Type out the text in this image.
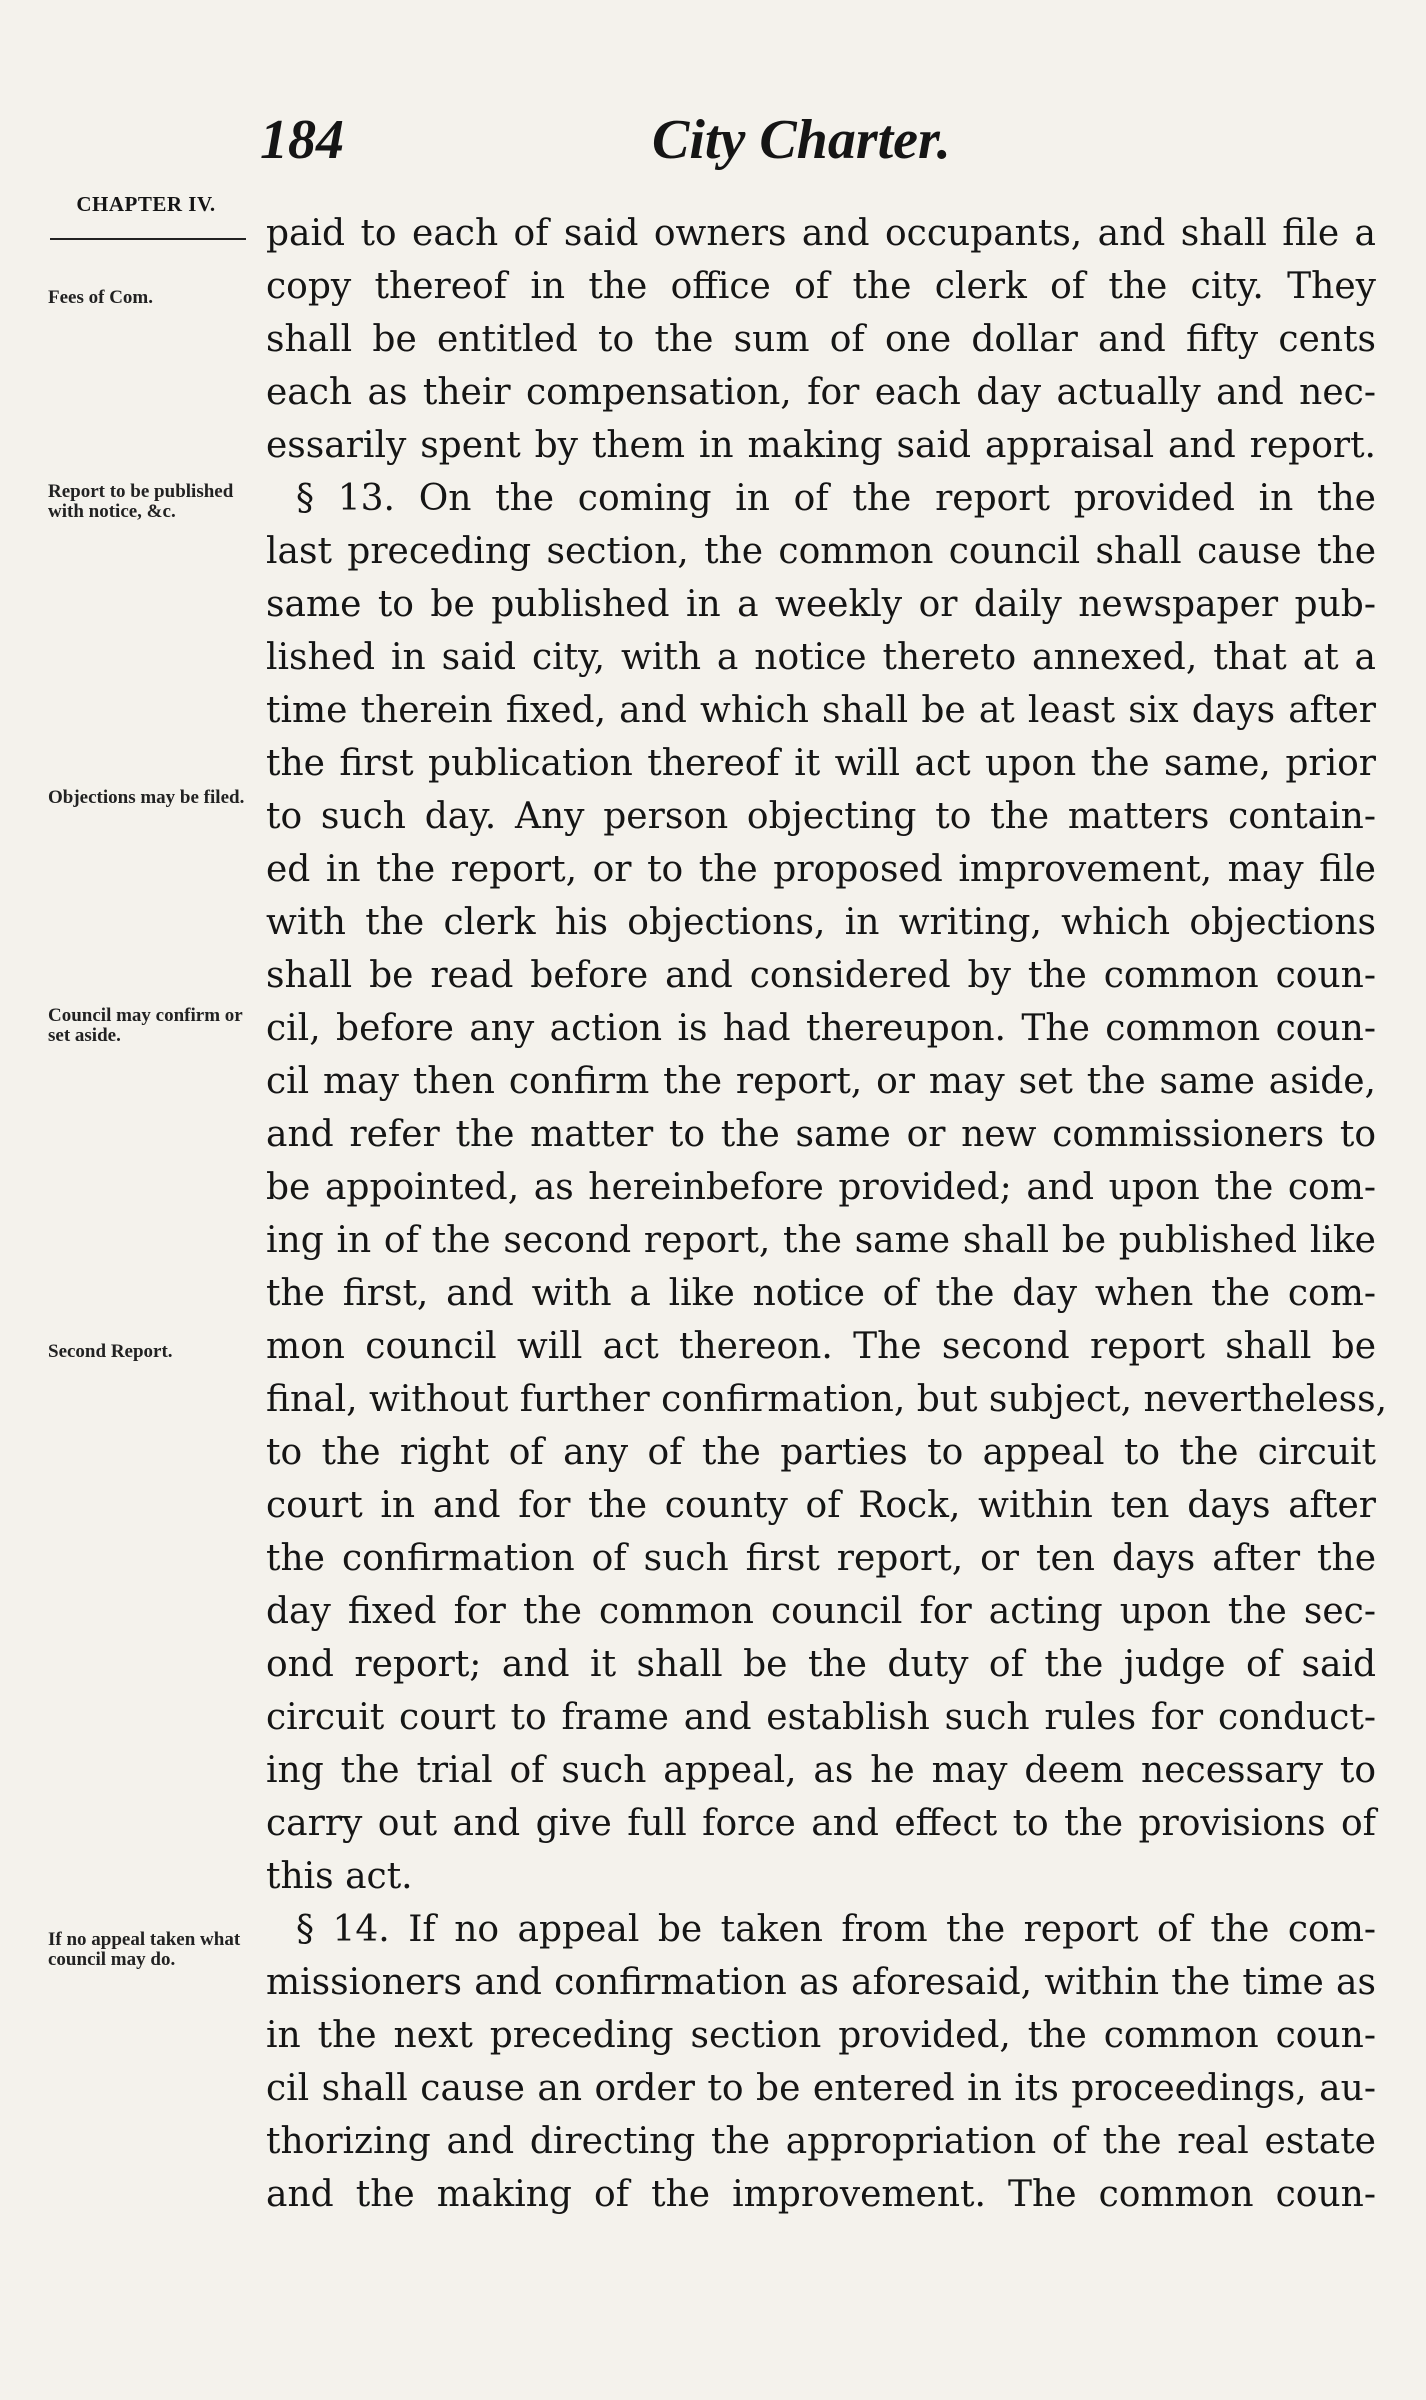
184	City Charter.
CHAPTER IV.
Fees of Com.
Report to be published with notice, &c.
Objections may be filed.
Council may confirm or set aside.
Second Report.
If no appeal taken what council may do.
paid to each of said owners and occupants, and shall file a
copy thereof in the office of the clerk of the city. They
shall be entitled to the sum of one dollar and fifty cents
each as their compensation, for each day actually and nec-
essarily spent by them in making said appraisal and report.
§ 13. On the coming in of the report provided in the
last preceding section, the common council shall cause the
same to be published in a weekly or daily newspaper pub-
lished in said city, with a notice thereto annexed, that at a
time therein fixed, and which shall be at least six days after
the first publication thereof it will act upon the same, prior
to such day. Any person objecting to the matters contain-
ed in the report, or to the proposed improvement, may file
with the clerk his objections, in writing, which objections
shall be read before and considered by the common coun-
cil, before any action is had thereupon. The common coun-
cil may then confirm the report, or may set the same aside,
and refer the matter to the same or new commissioners to
be appointed, as hereinbefore provided; and upon the com-
ing in of the second report, the same shall be published like
the first, and with a like notice of the day when the com-
mon council will act thereon. The second report shall be
final, without further confirmation, but subject, nevertheless,
to the right of any of the parties to appeal to the circuit
court in and for the county of Rock, within ten days after
the confirmation of such first report, or ten days after the
day fixed for the common council for acting upon the sec-
ond report; and it shall be the duty of the judge of said
circuit court to frame and establish such rules for conduct-
ing the trial of such appeal, as he may deem necessary to
carry out and give full force and effect to the provisions of
this act.
§ 14. If no appeal be taken from the report of the com-
missioners and confirmation as aforesaid, within the time as
in the next preceding section provided, the common coun-
cil shall cause an order to be entered in its proceedings, au-
thorizing and directing the appropriation of the real estate
and the making of the improvement. The common coun-
